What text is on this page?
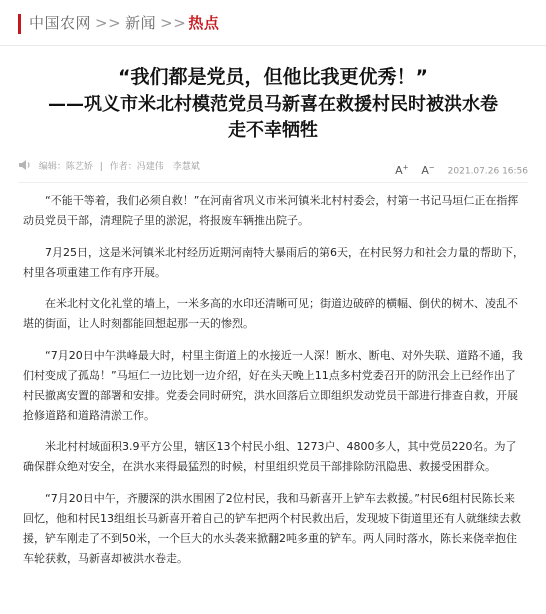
中国农网 >> 新闻 >> 热点
“我们都是党员，但他比我更优秀！”
——巩义市米北村模范党员马新喜在救援村民时被洪水卷
走不幸牺牲
编辑：陈艺娇 | 作者：冯建伟　李慧斌	A+ A− 2021.07.26 16:56

“不能干等着，我们必须自救！”在河南省巩义市米河镇米北村村委会，村第一书记马垣仁正在指挥动员党员干部，清理院子里的淤泥，将报废车辆推出院子。

7月25日，这是米河镇米北村经历近期河南特大暴雨后的第6天，在村民努力和社会力量的帮助下，村里各项重建工作有序开展。

在米北村文化礼堂的墙上，一米多高的水印还清晰可见；街道边破碎的横幅、倒伏的树木、凌乱不堪的街面，让人时刻都能回想起那一天的惨烈。

“7月20日中午洪峰最大时，村里主街道上的水接近一人深！断水、断电、对外失联、道路不通，我们村变成了孤岛！”马垣仁一边比划一边介绍，好在头天晚上11点多村党委召开的防汛会上已经作出了村民撤离安置的部署和安排。党委会同时研究，洪水回落后立即组织发动党员干部进行排查自救，开展抢修道路和道路清淤工作。

米北村村域面积3.9平方公里，辖区13个村民小组、1273户、4800多人，其中党员220名。为了确保群众绝对安全，在洪水来得最猛烈的时候，村里组织党员干部排除防汛隐患、救援受困群众。

“7月20日中午，齐腰深的洪水围困了2位村民，我和马新喜开上铲车去救援。”村民6组村民陈长来回忆，他和村民13组组长马新喜开着自己的铲车把两个村民救出后，发现坡下街道里还有人就继续去救援，铲车刚走了不到50米，一个巨大的水头袭来掀翻2吨多重的铲车。两人同时落水，陈长来侥幸抱住车轮获救，马新喜却被洪水卷走。
